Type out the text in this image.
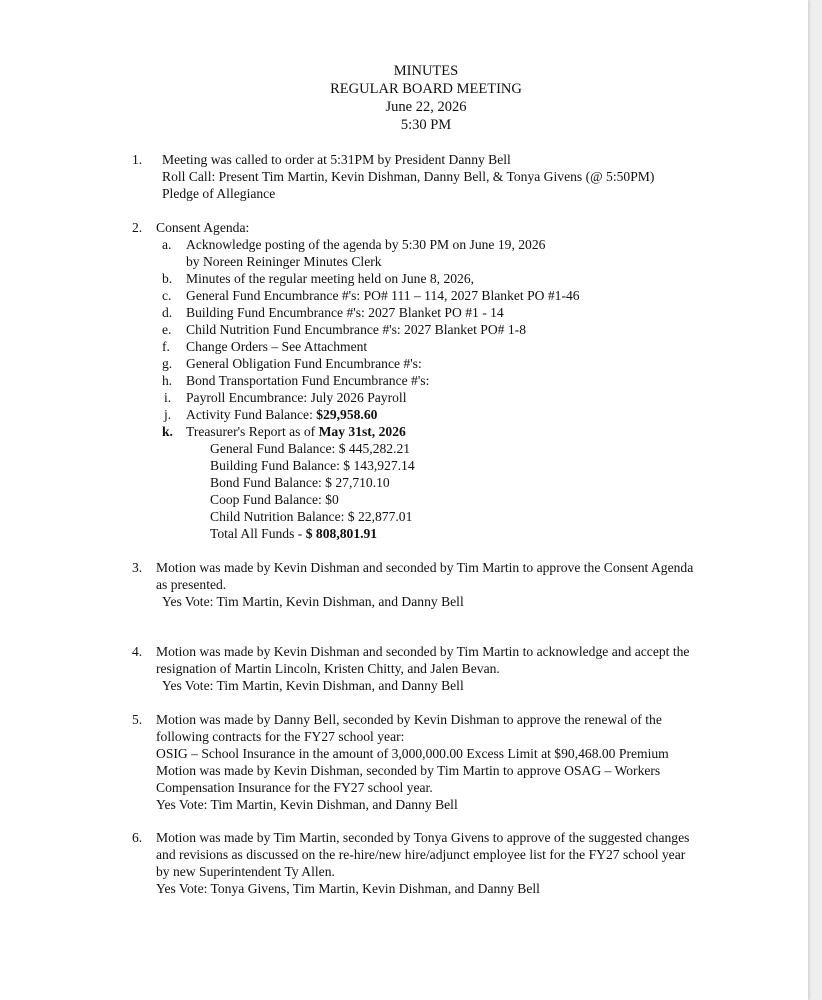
MINUTES
REGULAR BOARD MEETING
June 22, 2026
5:30 PM
1. Meeting was called to order at 5:31PM by President Danny Bell
Roll Call: Present Tim Martin, Kevin Dishman, Danny Bell, & Tonya Givens (@ 5:50PM)
Pledge of Allegiance
2. Consent Agenda:
a. Acknowledge posting of the agenda by 5:30 PM on June 19, 2026
by Noreen Reininger Minutes Clerk
b. Minutes of the regular meeting held on June 8, 2026,
c. General Fund Encumbrance #'s: PO# 111 – 114, 2027 Blanket PO #1-46
d. Building Fund Encumbrance #'s: 2027 Blanket PO #1 - 14
e. Child Nutrition Fund Encumbrance #'s: 2027 Blanket PO# 1-8
f. Change Orders – See Attachment
g. General Obligation Fund Encumbrance #'s:
h. Bond Transportation Fund Encumbrance #'s:
i. Payroll Encumbrance: July 2026 Payroll
j. Activity Fund Balance: $29,958.60
k. Treasurer's Report as of May 31st, 2026
General Fund Balance: $ 445,282.21
Building Fund Balance: $ 143,927.14
Bond Fund Balance: $ 27,710.10
Coop Fund Balance: $0
Child Nutrition Balance: $ 22,877.01
Total All Funds - $ 808,801.91
3. Motion was made by Kevin Dishman and seconded by Tim Martin to approve the Consent Agenda
as presented.
Yes Vote: Tim Martin, Kevin Dishman, and Danny Bell
4. Motion was made by Kevin Dishman and seconded by Tim Martin to acknowledge and accept the
resignation of Martin Lincoln, Kristen Chitty, and Jalen Bevan.
Yes Vote: Tim Martin, Kevin Dishman, and Danny Bell
5. Motion was made by Danny Bell, seconded by Kevin Dishman to approve the renewal of the
following contracts for the FY27 school year:
OSIG – School Insurance in the amount of 3,000,000.00 Excess Limit at $90,468.00 Premium
Motion was made by Kevin Dishman, seconded by Tim Martin to approve OSAG – Workers
Compensation Insurance for the FY27 school year.
Yes Vote: Tim Martin, Kevin Dishman, and Danny Bell
6. Motion was made by Tim Martin, seconded by Tonya Givens to approve of the suggested changes
and revisions as discussed on the re-hire/new hire/adjunct employee list for the FY27 school year
by new Superintendent Ty Allen.
Yes Vote: Tonya Givens, Tim Martin, Kevin Dishman, and Danny Bell
